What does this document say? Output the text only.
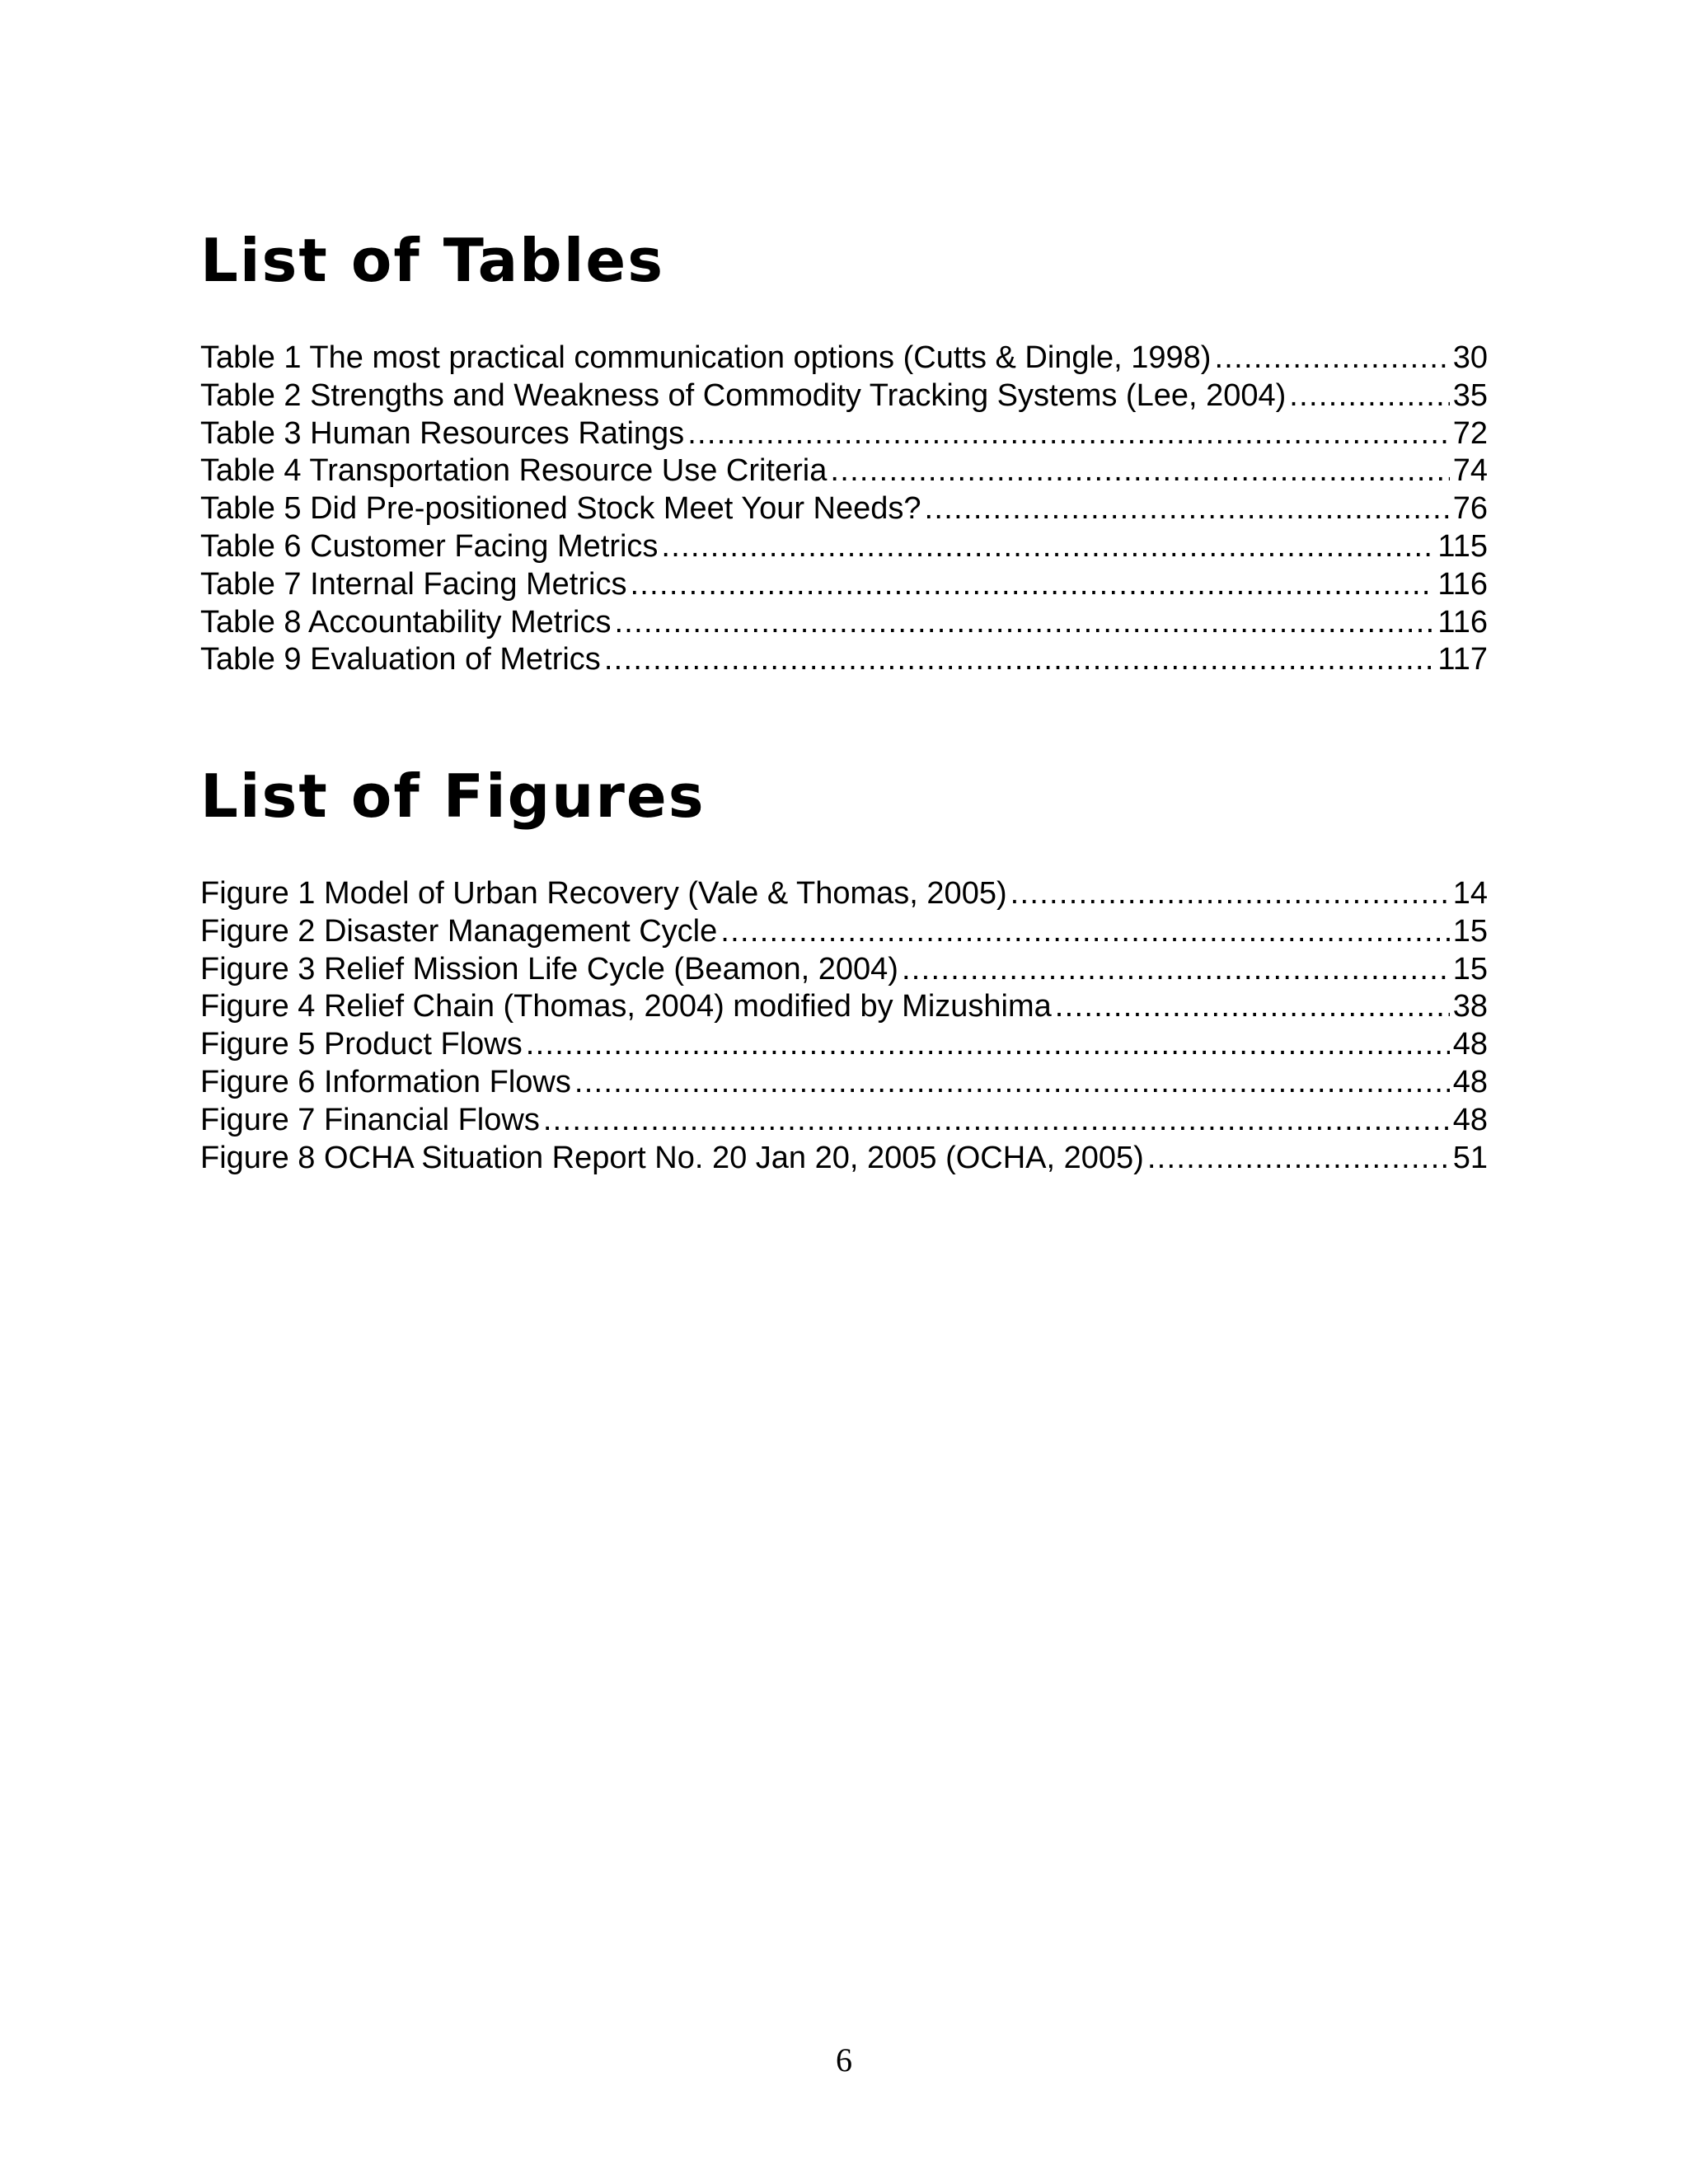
List of Tables
Table 1 The most practical communication options (Cutts & Dingle, 1998) .....	30
Table 2 Strengths and Weakness of Commodity Tracking Systems (Lee, 2004) .....	35
Table 3 Human Resources Ratings .....	72
Table 4 Transportation Resource Use Criteria .....	74
Table 5 Did Pre-positioned Stock Meet Your Needs? .....	76
Table 6 Customer Facing Metrics .....	115
Table 7 Internal Facing Metrics .....	116
Table 8 Accountability Metrics .....	116
Table 9 Evaluation of Metrics .....	117
List of Figures
Figure 1 Model of Urban Recovery (Vale & Thomas, 2005) .....	14
Figure 2 Disaster Management Cycle .....	15
Figure 3 Relief Mission Life Cycle (Beamon, 2004) .....	15
Figure 4 Relief Chain (Thomas, 2004) modified by Mizushima .....	38
Figure 5 Product Flows .....	48
Figure 6 Information Flows .....	48
Figure 7 Financial Flows .....	48
Figure 8 OCHA Situation Report No. 20 Jan 20, 2005 (OCHA, 2005) .....	51
6
